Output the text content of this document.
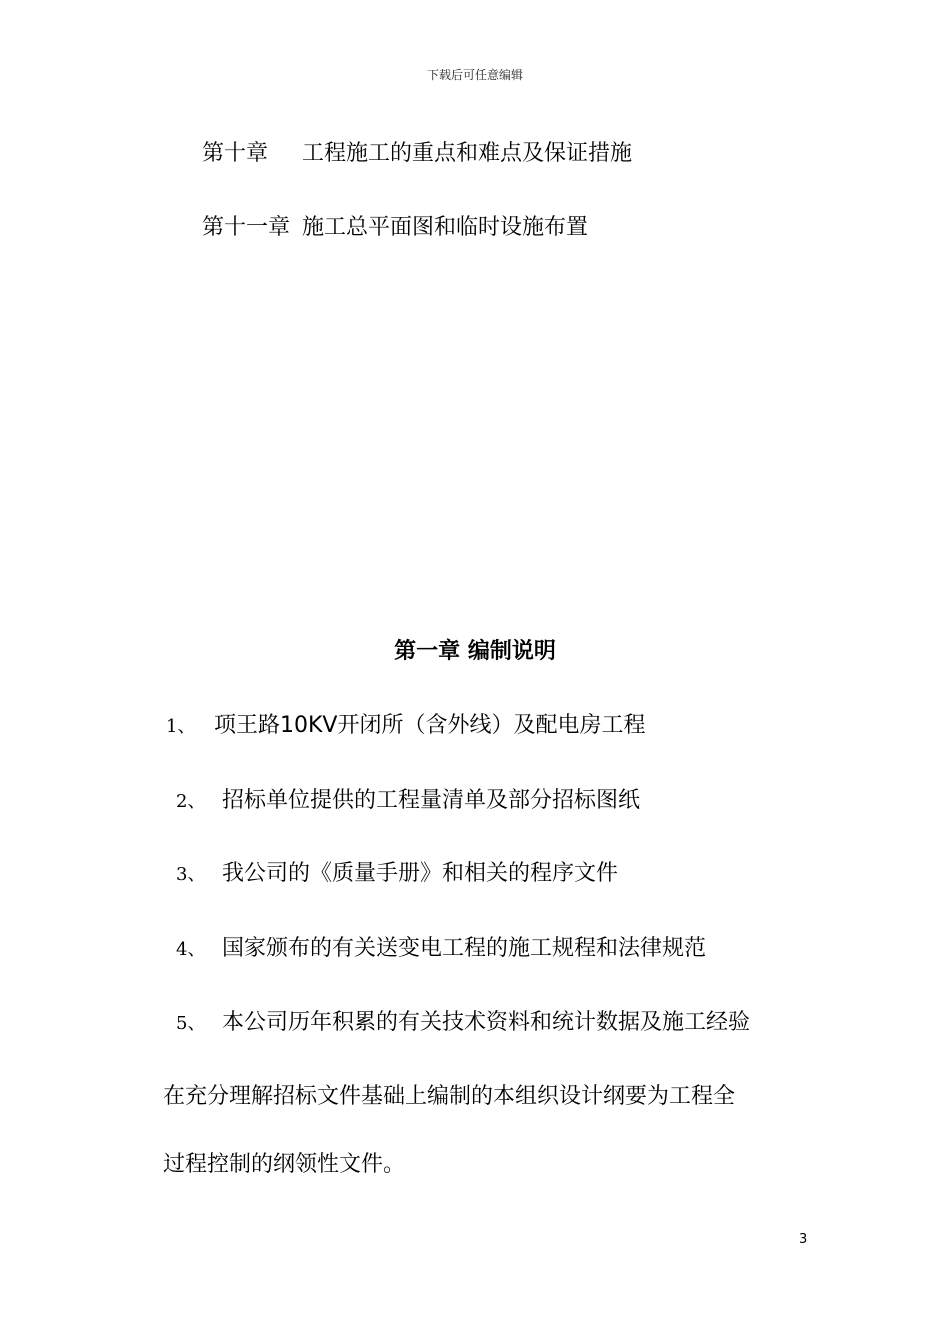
下载后可任意编辑
第十章 工程施工的重点和难点及保证措施
第十一章 施工总平面图和临时设施布置
第一章 编制说明
1、 项王路10KV开闭所（含外线）及配电房工程
2、 招标单位提供的工程量清单及部分招标图纸
3、 我公司的《质量手册》和相关的程序文件
4、 国家颁布的有关送变电工程的施工规程和法律规范
5、 本公司历年积累的有关技术资料和统计数据及施工经验
在充分理解招标文件基础上编制的本组织设计纲要为工程全
过程控制的纲领性文件。
3
